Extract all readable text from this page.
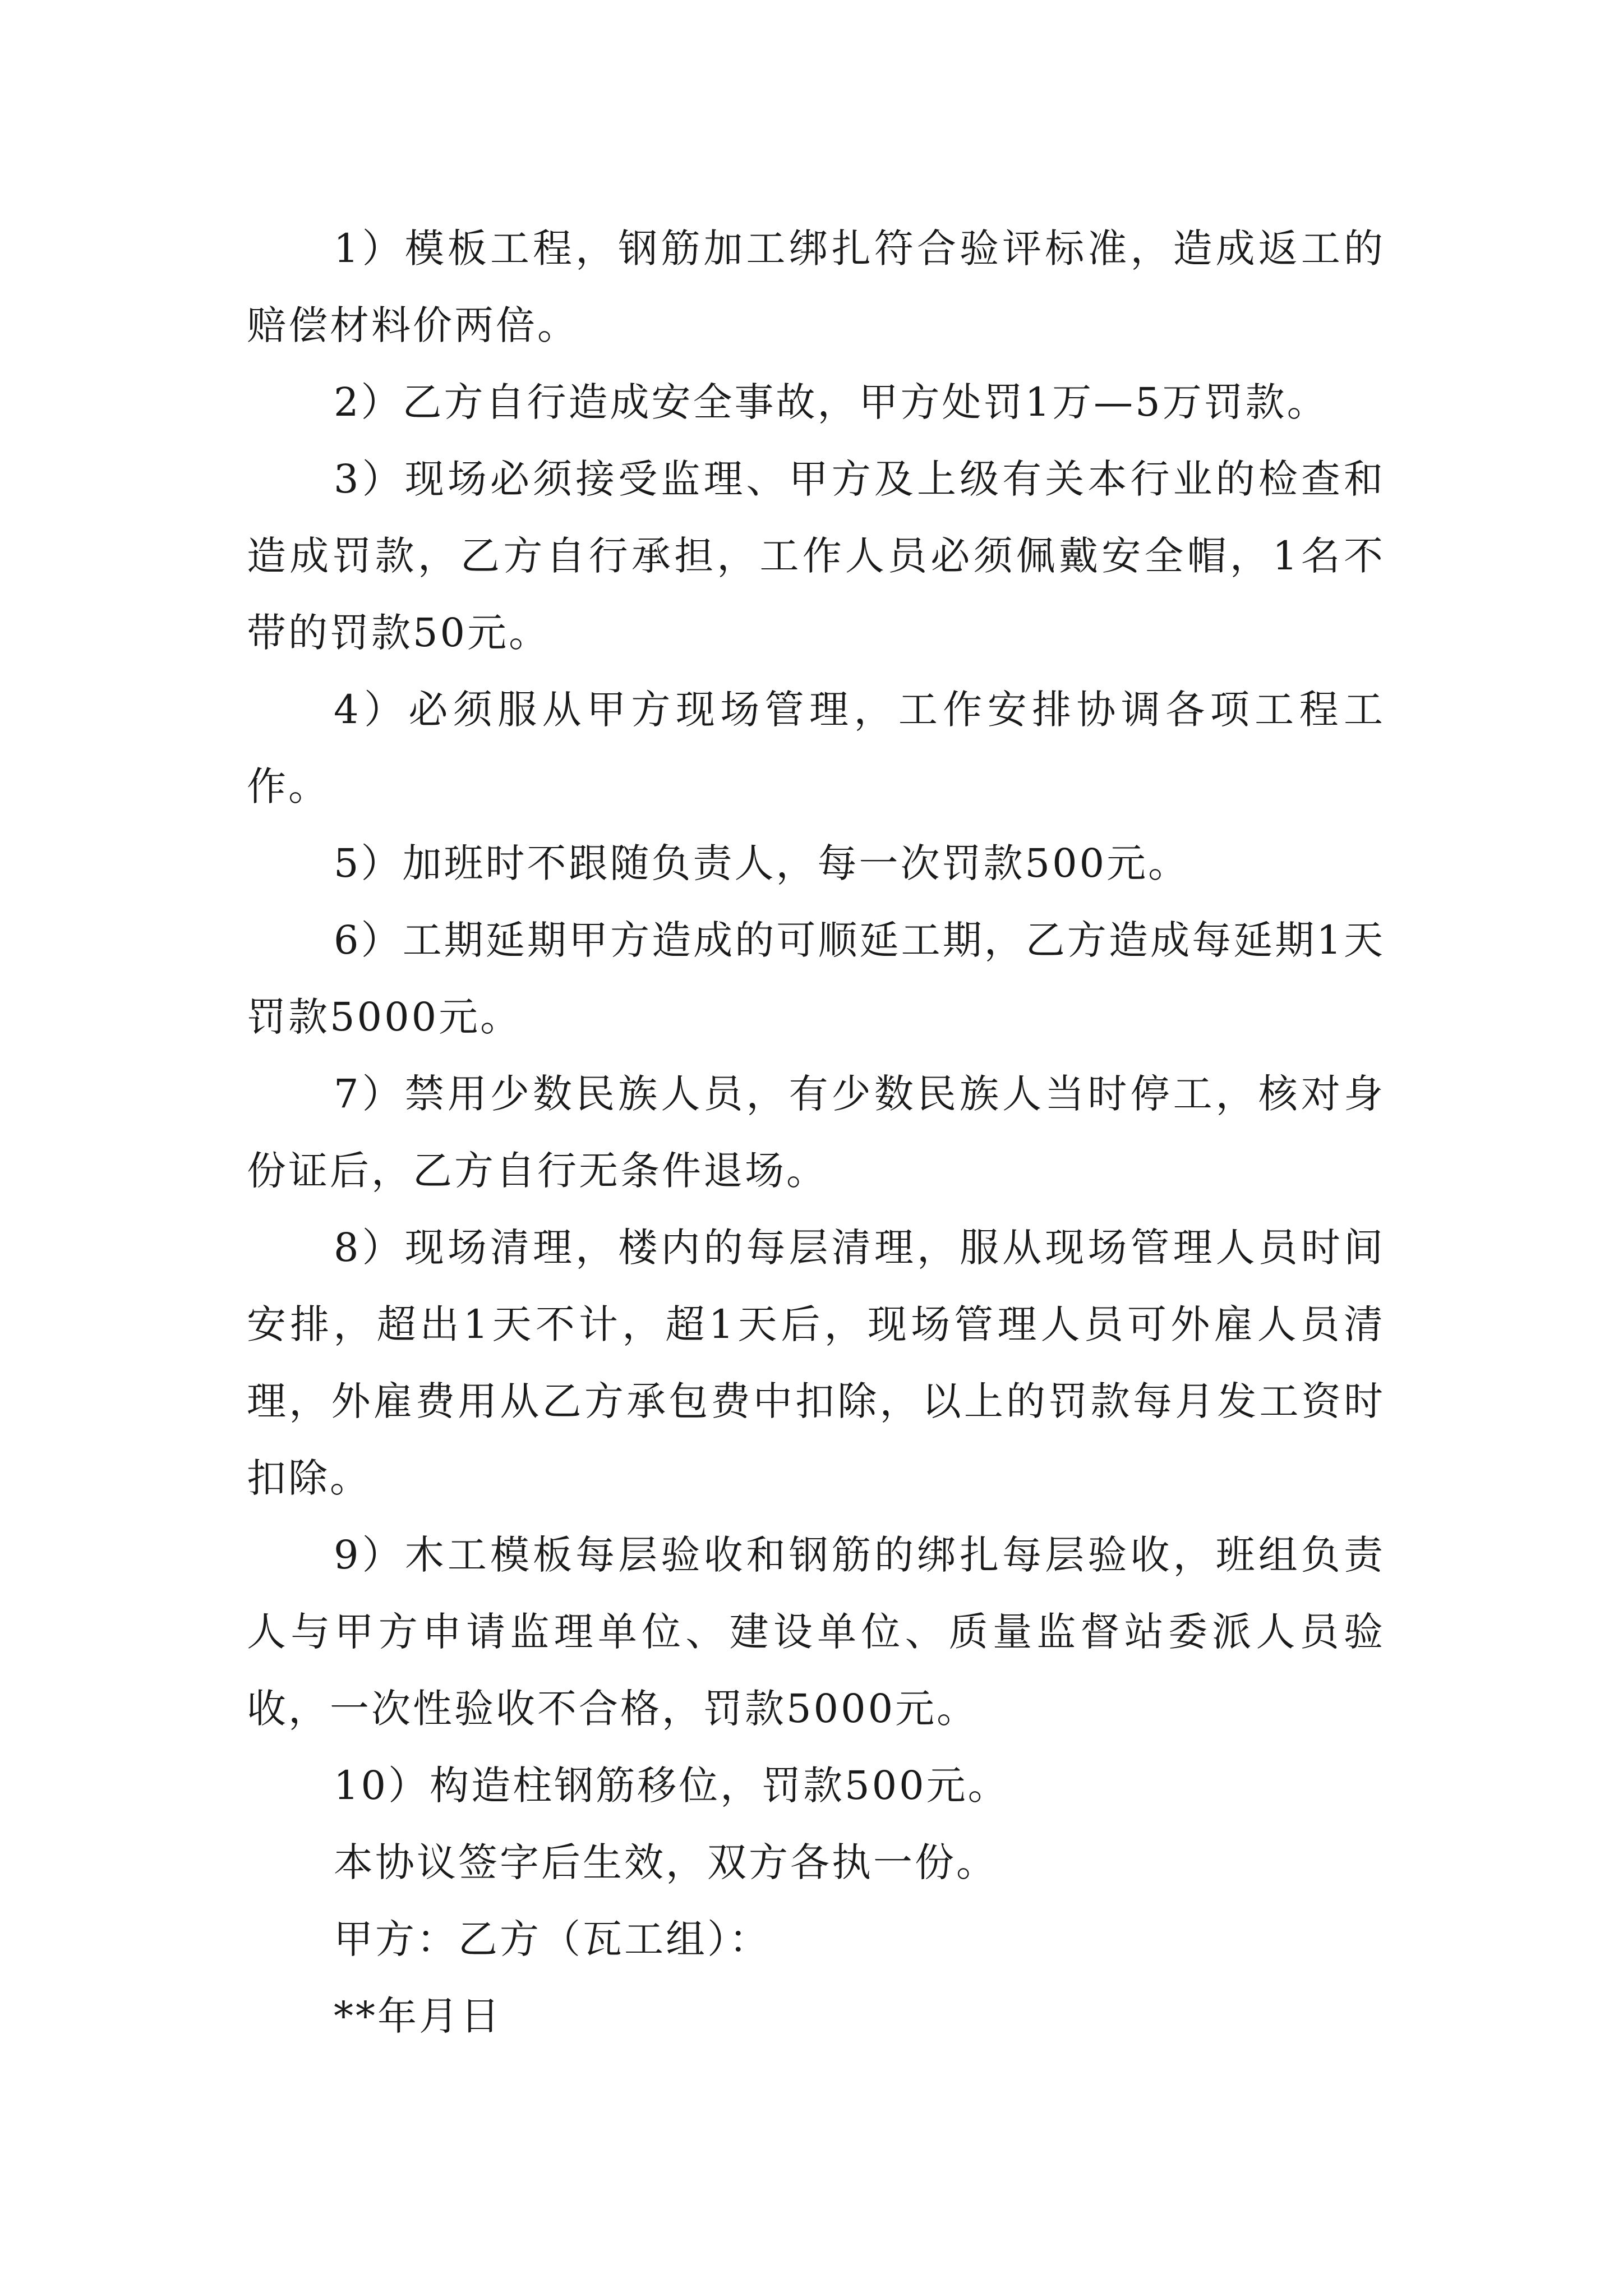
1）模板工程，钢筋加工绑扎符合验评标准，造成返工的赔偿材料价两倍。

2）乙方自行造成安全事故，甲方处罚1万—5万罚款。

3）现场必须接受监理、甲方及上级有关本行业的检查和造成罚款，乙方自行承担，工作人员必须佩戴安全帽，1名不带的罚款50元。

4）必须服从甲方现场管理，工作安排协调各项工程工作。

5）加班时不跟随负责人，每一次罚款500元。

6）工期延期甲方造成的可顺延工期，乙方造成每延期1天罚款5000元。

7）禁用少数民族人员，有少数民族人当时停工，核对身份证后，乙方自行无条件退场。

8）现场清理，楼内的每层清理，服从现场管理人员时间安排，超出1天不计，超1天后，现场管理人员可外雇人员清理，外雇费用从乙方承包费中扣除，以上的罚款每月发工资时扣除。

9）木工模板每层验收和钢筋的绑扎每层验收，班组负责人与甲方申请监理单位、建设单位、质量监督站委派人员验收，一次性验收不合格，罚款5000元。

10）构造柱钢筋移位，罚款500元。

本协议签字后生效，双方各执一份。

甲方：乙方（瓦工组）：

**年月日
